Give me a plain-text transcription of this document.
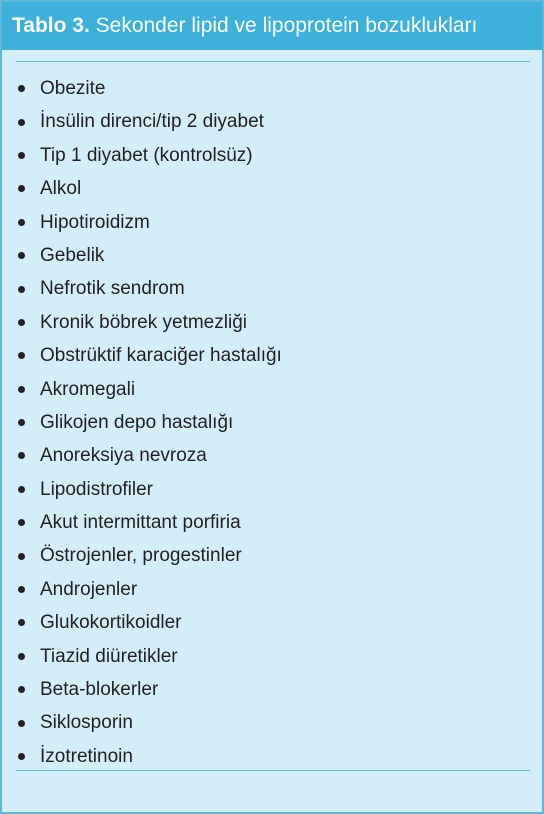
Tablo 3. Sekonder lipid ve lipoprotein bozuklukları
Obezite
İnsülin direnci/tip 2 diyabet
Tip 1 diyabet (kontrolsüz)
Alkol
Hipotiroidizm
Gebelik
Nefrotik sendrom
Kronik böbrek yetmezliği
Obstrüktif karaciğer hastalığı
Akromegali
Glikojen depo hastalığı
Anoreksiya nevroza
Lipodistrofiler
Akut intermittant porfiria
Östrojenler, progestinler
Androjenler
Glukokortikoidler
Tiazid diüretikler
Beta-blokerler
Siklosporin
İzotretinoin
